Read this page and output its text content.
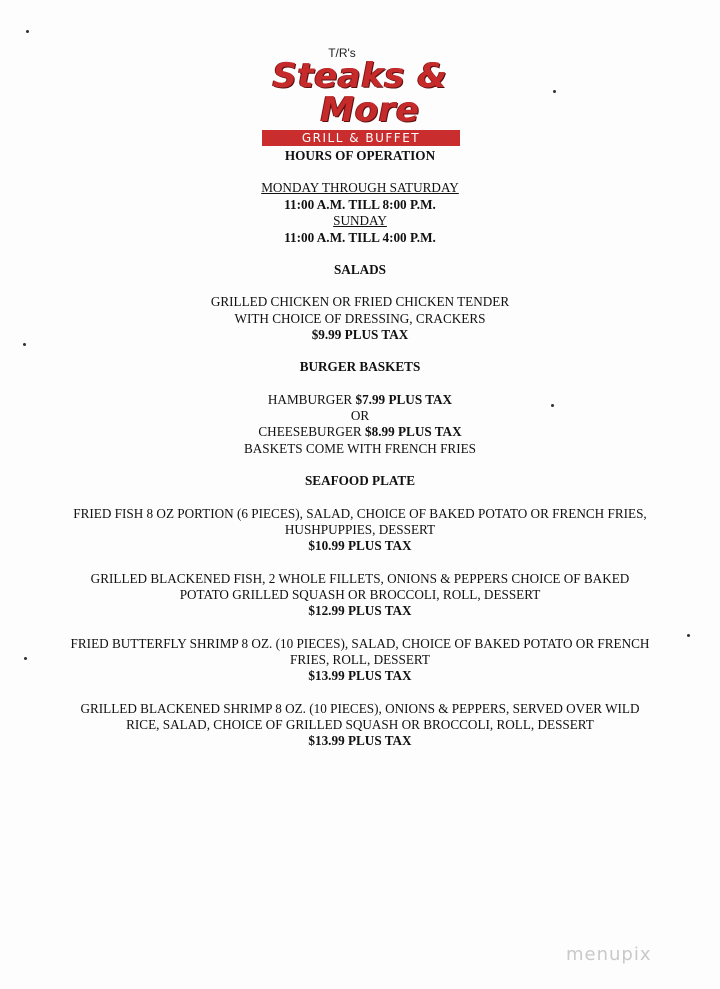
T/R's
Steaks &
More
GRILL & BUFFET
HOURS OF OPERATION
MONDAY THROUGH SATURDAY
11:00 A.M. TILL 8:00 P.M.
SUNDAY
11:00 A.M. TILL 4:00 P.M.
SALADS
GRILLED CHICKEN OR FRIED CHICKEN TENDER
WITH CHOICE OF DRESSING, CRACKERS
$9.99 PLUS TAX
BURGER BASKETS
HAMBURGER $7.99 PLUS TAX
OR
CHEESEBURGER $8.99 PLUS TAX
BASKETS COME WITH FRENCH FRIES
SEAFOOD PLATE
FRIED FISH 8 OZ PORTION (6 PIECES), SALAD, CHOICE OF BAKED POTATO OR FRENCH FRIES,
HUSHPUPPIES, DESSERT
$10.99 PLUS TAX
GRILLED BLACKENED FISH, 2 WHOLE FILLETS, ONIONS & PEPPERS CHOICE OF BAKED
POTATO GRILLED SQUASH OR BROCCOLI, ROLL, DESSERT
$12.99 PLUS TAX
FRIED BUTTERFLY SHRIMP 8 OZ. (10 PIECES), SALAD, CHOICE OF BAKED POTATO OR FRENCH
FRIES, ROLL, DESSERT
$13.99 PLUS TAX
GRILLED BLACKENED SHRIMP 8 OZ. (10 PIECES), ONIONS & PEPPERS, SERVED OVER WILD
RICE, SALAD, CHOICE OF GRILLED SQUASH OR BROCCOLI, ROLL, DESSERT
$13.99 PLUS TAX
menupix
